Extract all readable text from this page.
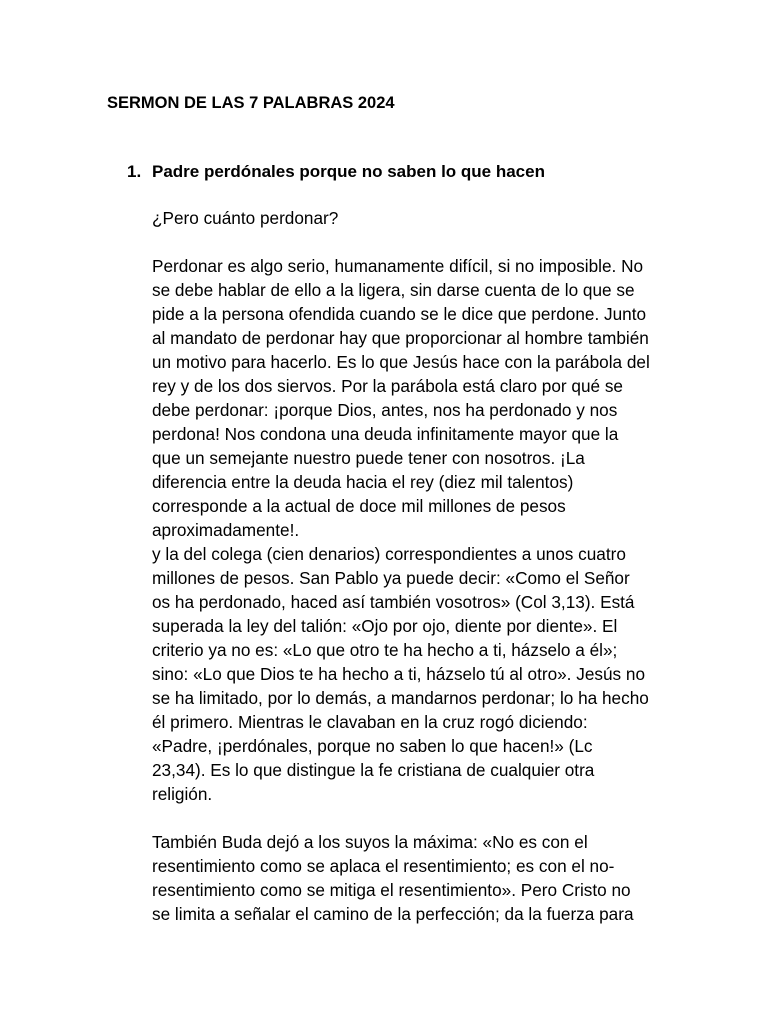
SERMON DE LAS 7 PALABRAS 2024
1. Padre perdónales porque no saben lo que hacen
¿Pero cuánto perdonar?
Perdonar es algo serio, humanamente difícil, si no imposible. No
se debe hablar de ello a la ligera, sin darse cuenta de lo que se
pide a la persona ofendida cuando se le dice que perdone. Junto
al mandato de perdonar hay que proporcionar al hombre también
un motivo para hacerlo. Es lo que Jesús hace con la parábola del
rey y de los dos siervos. Por la parábola está claro por qué se
debe perdonar: ¡porque Dios, antes, nos ha perdonado y nos
perdona! Nos condona una deuda infinitamente mayor que la
que un semejante nuestro puede tener con nosotros. ¡La
diferencia entre la deuda hacia el rey (diez mil talentos)
corresponde a la actual de doce mil millones de pesos
aproximadamente!.
y la del colega (cien denarios) correspondientes a unos cuatro
millones de pesos. San Pablo ya puede decir: «Como el Señor
os ha perdonado, haced así también vosotros» (Col 3,13). Está
superada la ley del talión: «Ojo por ojo, diente por diente». El
criterio ya no es: «Lo que otro te ha hecho a ti, házselo a él»;
sino: «Lo que Dios te ha hecho a ti, házselo tú al otro». Jesús no
se ha limitado, por lo demás, a mandarnos perdonar; lo ha hecho
él primero. Mientras le clavaban en la cruz rogó diciendo:
«Padre, ¡perdónales, porque no saben lo que hacen!» (Lc
23,34). Es lo que distingue la fe cristiana de cualquier otra
religión.
También Buda dejó a los suyos la máxima: «No es con el
resentimiento como se aplaca el resentimiento; es con el no-
resentimiento como se mitiga el resentimiento». Pero Cristo no
se limita a señalar el camino de la perfección; da la fuerza para
